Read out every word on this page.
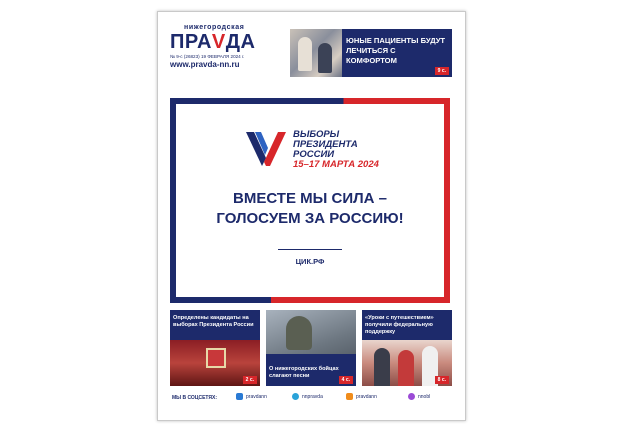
нижегородская
ПРАVДА
№ 9-с (26823) 19 ФЕВРАЛЯ 2024 г.
www.pravda-nn.ru
ЮНЫЕ ПАЦИЕНТЫ БУДУТ ЛЕЧИТЬСЯ С КОМФОРТОМ
9 с.
ВЫБОРЫ
ПРЕЗИДЕНТА
РОССИИ
15–17 МАРТА 2024
ВМЕСТЕ МЫ СИЛА –
ГОЛОСУЕМ ЗА РОССИЮ!
ЦИК.РФ
Определены кандидаты на выборах Президента России
2 с.
О нижегородских бойцах слагают песни
4 с.
«Уроки с путешествием» получили федеральную поддержку
8 с.
МЫ В СОЦСЕТЯХ:	pravdann	nnpravda	pravdann	nnobl
